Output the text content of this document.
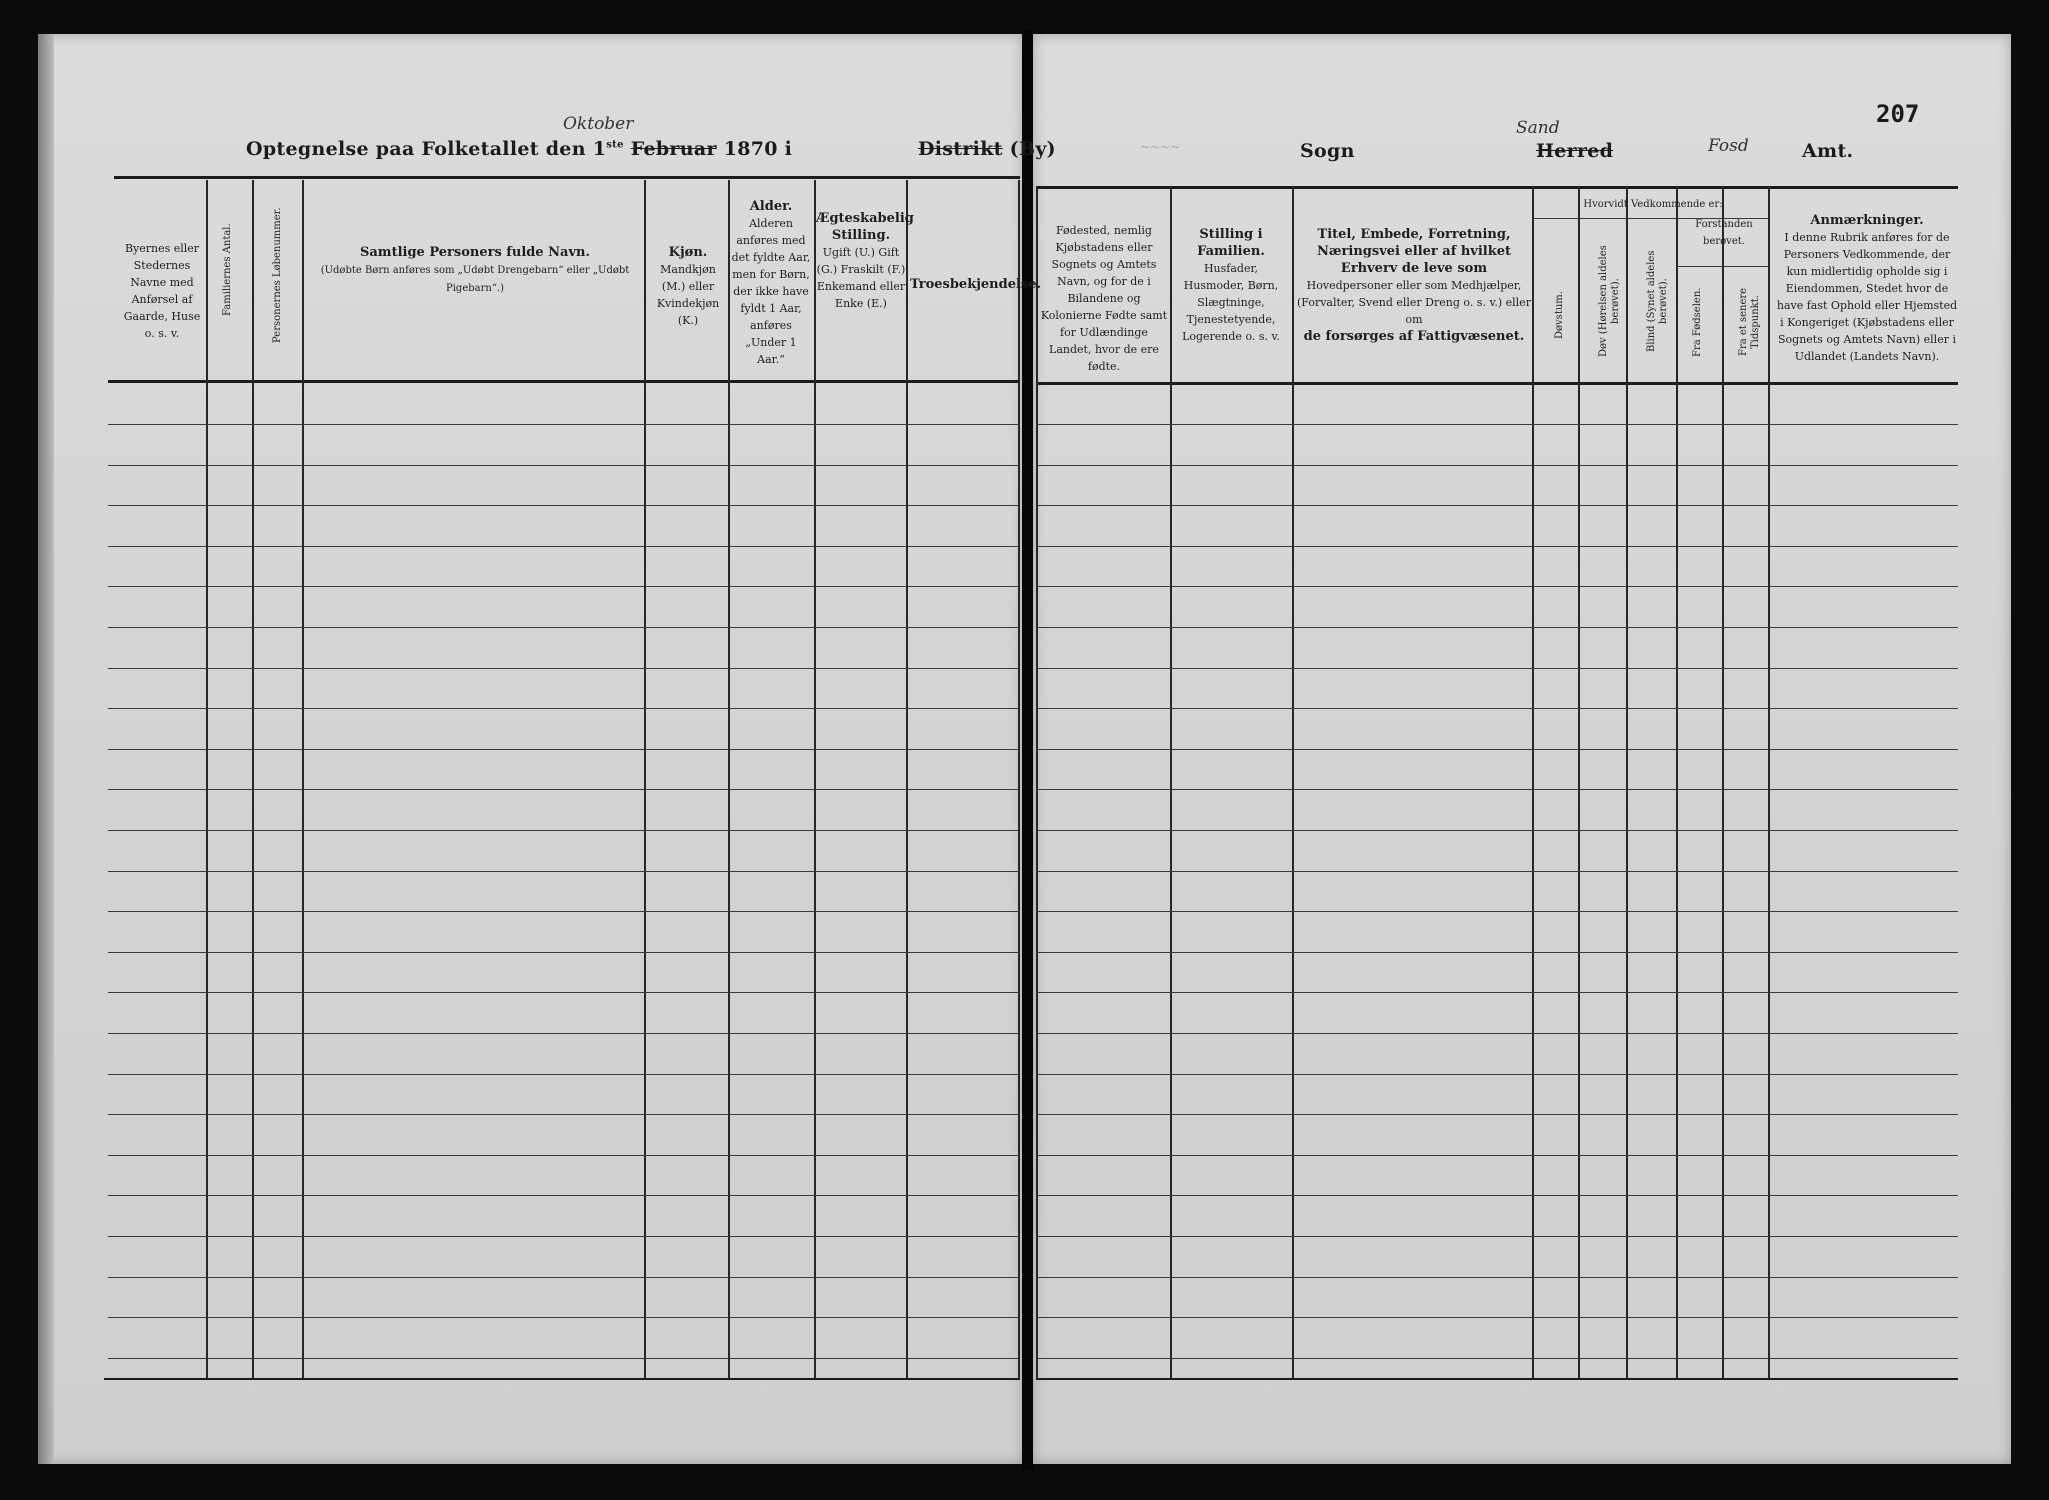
Optegnelse paa Folketallet den 1ste Februar 1870 i
Oktober
Distrikt (By)	Sogn
Sand
Herred	Fosd	Amt.
207
~~~~
Byernes eller Stedernes Navne med Anførsel af Gaarde, Huse o. s. v.
Familiernes Antal.	Personernes Løbenummer.	Samtlige Personers fulde Navn.
(Udøbte Børn anføres som „Udøbt Drengebarn“ eller „Udøbt Pigebarn“.)
Kjøn.
Mandkjøn (M.) eller Kvindekjøn (K.)
Alder.
Alderen anføres med det fyldte Aar, men for Børn, der ikke have fyldt 1 Aar, anføres „Under 1 Aar.“
Ægteskabelig Stilling.
Ugift (U.) Gift (G.) Fraskilt (F.) Enkemand eller Enke (E.)
Troesbekjendelse.
Fødested, nemlig Kjøbstadens eller Sognets og Amtets Navn, og for de i Bilandene og Kolonierne Fødte samt for Udlændinge Landet, hvor de ere fødte.
Stilling i Familien.
Husfader, Husmoder, Børn, Slægtninge, Tjenestetyende, Logerende o. s. v.
Titel, Embede, Forretning, Næringsvei eller af hvilket Erhverv de leve som
Hovedpersoner eller som Medhjælper, (Forvalter, Svend eller Dreng o. s. v.) eller om
de forsørges af Fattigvæsenet.
Hvorvidt Vedkommende er:
Døvstum.	Døv (Hørelsen aldeles berøvet).	Blind (Synet aldeles berøvet).
Forstanden berøvet.
Fra Fødselen.	Fra et senere Tidspunkt.
Anmærkninger.
I denne Rubrik anføres for de Personers Vedkommende, der kun midlertidig opholde sig i Eiendommen, Stedet hvor de have fast Ophold eller Hjemsted i Kongeriget (Kjøbstadens eller Sognets og Amtets Navn) eller i Udlandet (Landets Navn).
